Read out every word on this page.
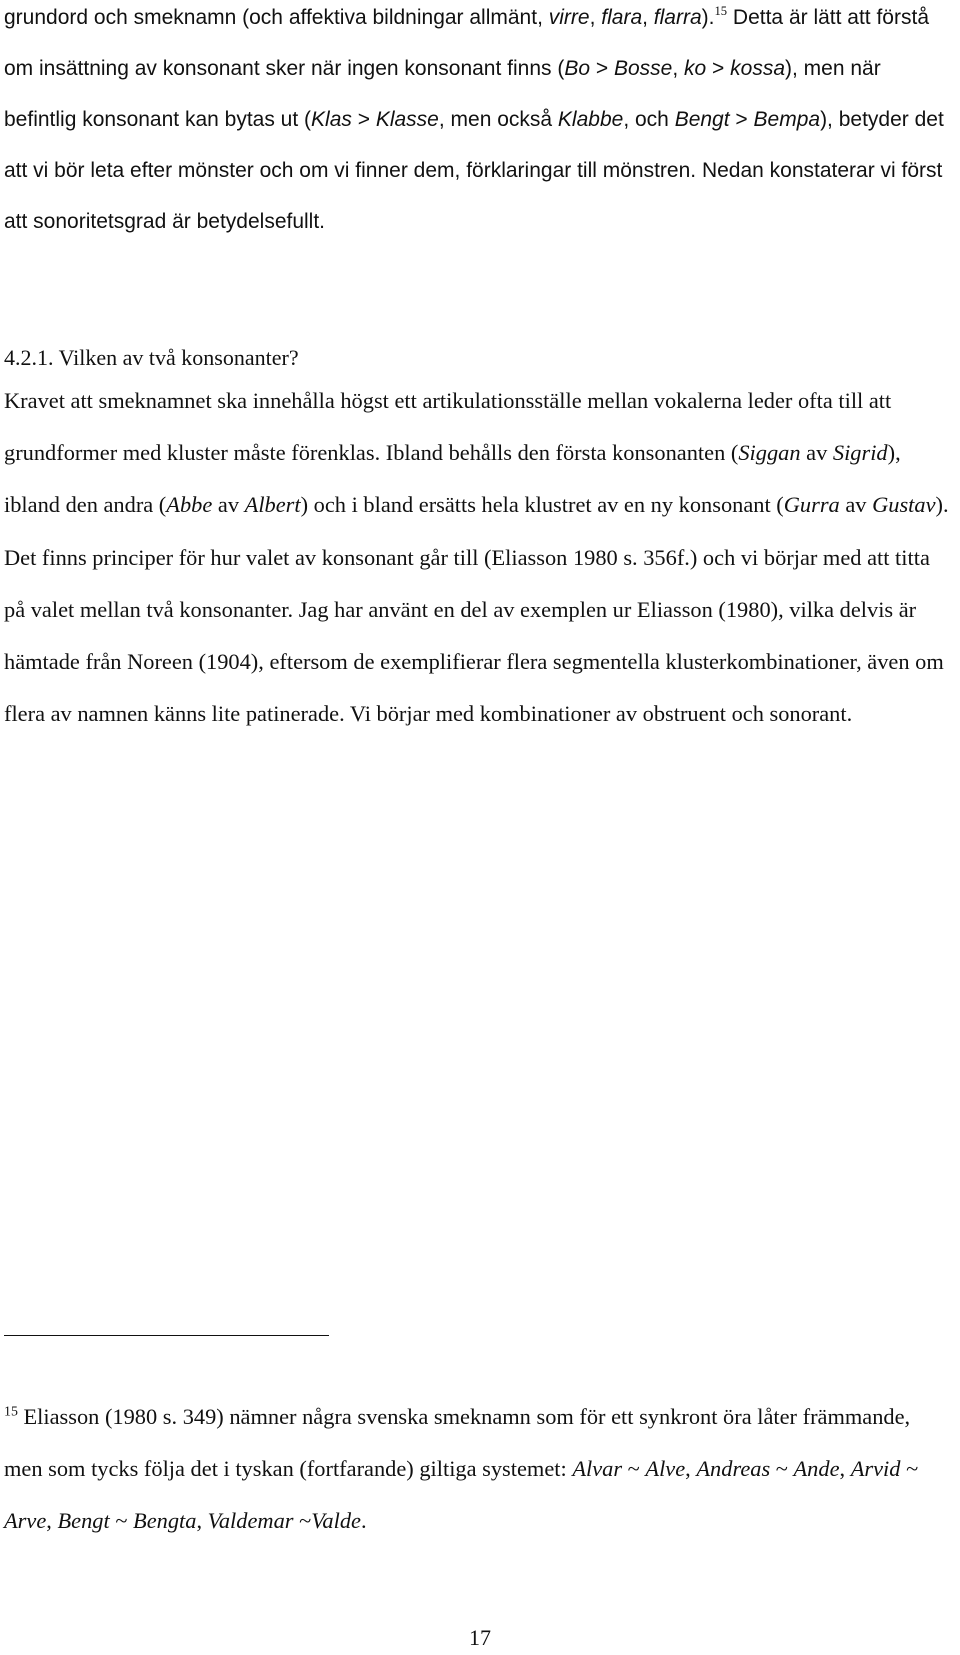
grundord och smeknamn (och affektiva bildningar allmänt, virre, flara, flarra).$^{15}$ Detta är lätt att förstå om insättning av konsonant sker när ingen konsonant finns (Bo > Bosse, ko > kossa), men när befintlig konsonant kan bytas ut (Klas > Klasse, men också Klabbe, och Bengt > Bempa), betyder det att vi bör leta efter mönster och om vi finner dem, förklaringar till mönstren. Nedan konstaterar vi först att sonoritetsgrad är betydelsefullt.

4.2.1. Vilken av två konsonanter?

Kravet att smeknamnet ska innehålla högst ett artikulationsställe mellan vokalerna leder ofta till att grundformer med kluster måste förenklas. Ibland behålls den första konsonanten (Siggan av Sigrid), ibland den andra (Abbe av Albert) och i bland ersätts hela klustret av en ny konsonant (Gurra av Gustav). Det finns principer för hur valet av konsonant går till (Eliasson 1980 s. 356f.) och vi börjar med att titta på valet mellan två konsonanter. Jag har använt en del av exemplen ur Eliasson (1980), vilka delvis är hämtade från Noreen (1904), eftersom de exemplifierar flera segmentella klusterkombinationer, även om flera av namnen känns lite patinerade. Vi börjar med kombinationer av obstruent och sonorant.

$^{15}$ Eliasson (1980 s. 349) nämner några svenska smeknamn som för ett synkront öra låter främmande, men som tycks följa det i tyskan (fortfarande) giltiga systemet: Alvar ~ Alve, Andreas ~ Ande, Arvid ~ Arve, Bengt ~ Bengta, Valdemar ~Valde.

17
